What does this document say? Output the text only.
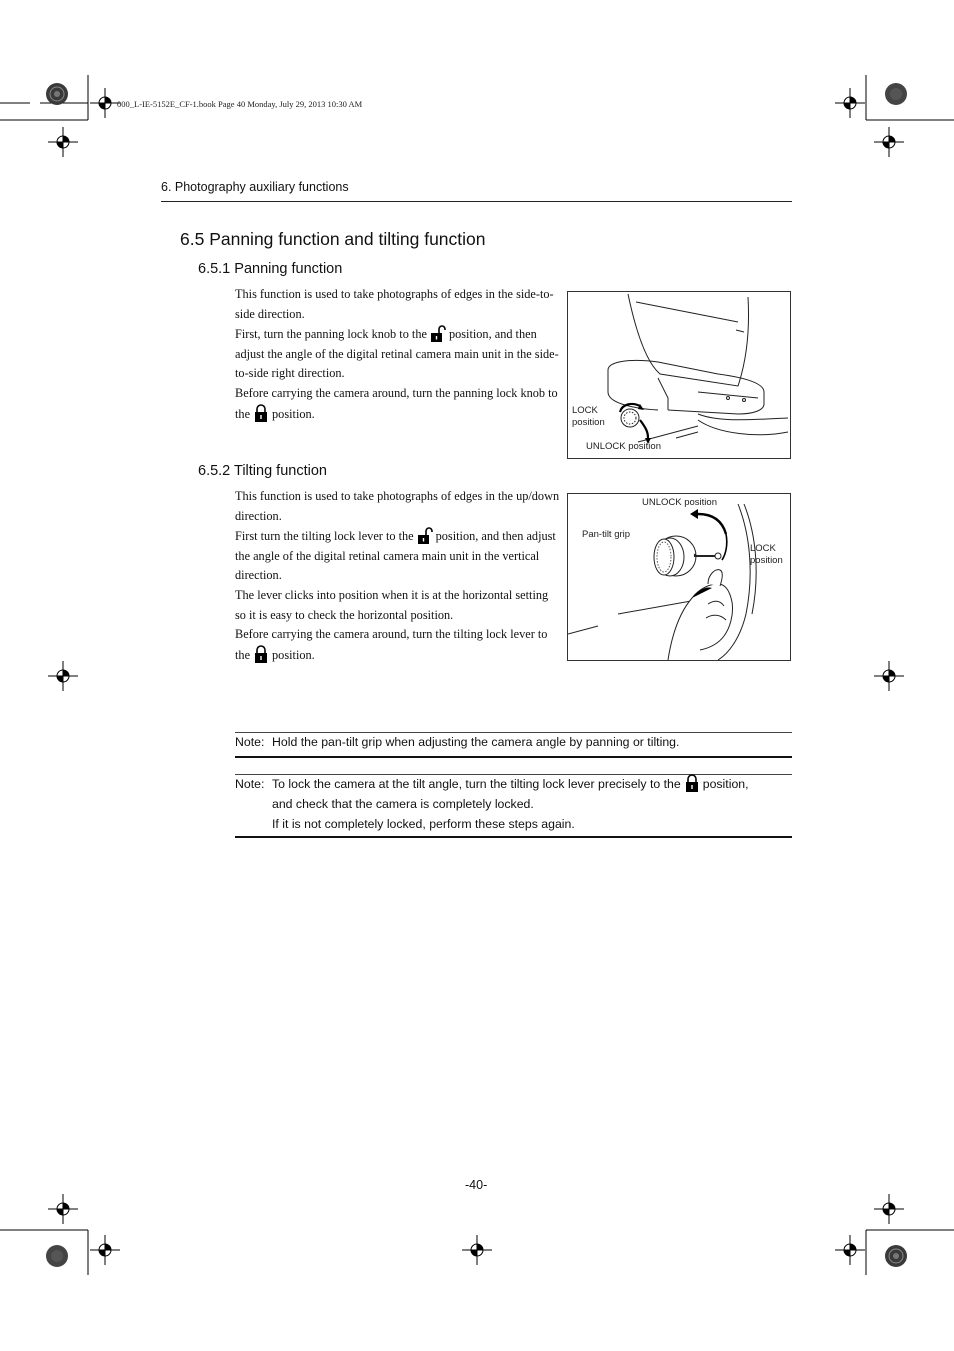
000_L-IE-5152E_CF-1.book Page 40 Monday, July 29, 2013 10:30 AM
6. Photography auxiliary functions
6.5 Panning function and tilting function
6.5.1 Panning function

This function is used to take photographs of edges in the side-to-side direction.

First, turn the panning lock knob to the position, and then adjust the angle of the digital retinal camera main unit in the side-to-side right direction.

Before carrying the camera around, turn the panning lock knob to the position.	LOCK
position
UNLOCK position
6.5.2 Tilting function

This function is used to take photographs of edges in the up/down direction.

First turn the tilting lock lever to the position, and then adjust the angle of the digital retinal camera main unit in the vertical direction.

The lever clicks into position when it is at the horizontal setting so it is easy to check the horizontal position.

Before carrying the camera around, turn the tilting lock lever to the position.

UNLOCK position
Pan-tilt grip
LOCK
position
Note: Hold the pan-tilt grip when adjusting the camera angle by panning or tilting.
Note: To lock the camera at the tilt angle, turn the tilting lock lever precisely to the position,
and check that the camera is completely locked.
If it is not completely locked, perform these steps again.
-40-
